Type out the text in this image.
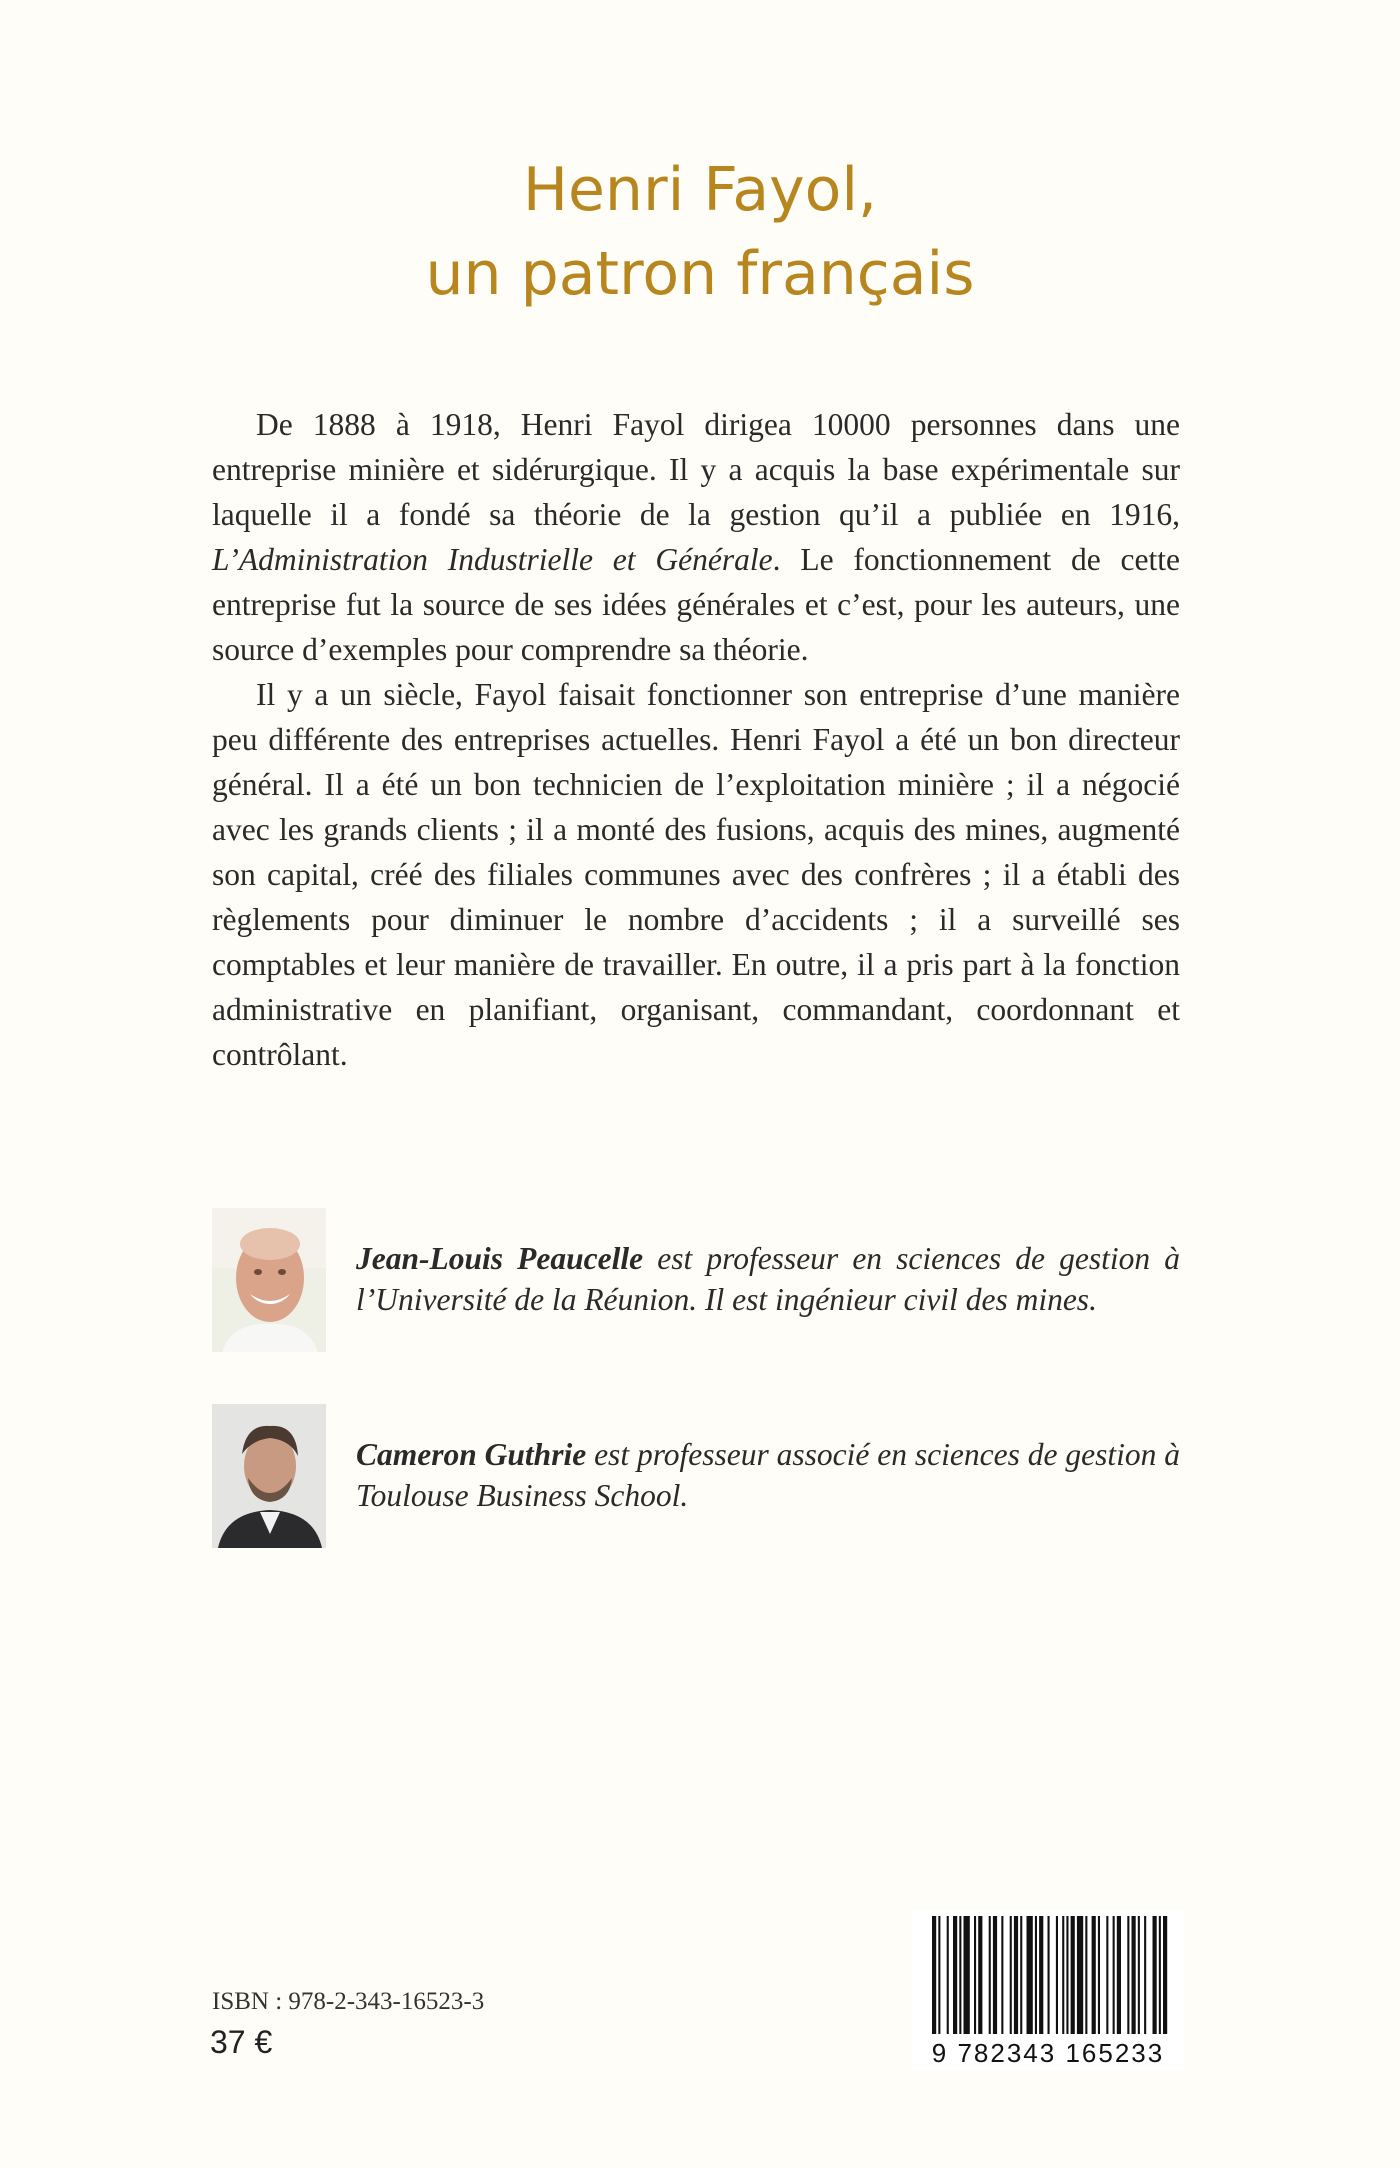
Henri Fayol,
un patron français

De 1888 à 1918, Henri Fayol dirigea 10000 personnes dans une entreprise minière et sidérurgique. Il y a acquis la base expérimentale sur laquelle il a fondé sa théorie de la gestion qu’il a publiée en 1916, L’Administration Industrielle et Générale. Le fonctionnement de cette entreprise fut la source de ses idées générales et c’est, pour les auteurs, une source d’exemples pour comprendre sa théorie.

Il y a un siècle, Fayol faisait fonctionner son entreprise d’une manière peu différente des entreprises actuelles. Henri Fayol a été un bon directeur général. Il a été un bon technicien de l’exploitation minière ; il a négocié avec les grands clients ; il a monté des fusions, acquis des mines, augmenté son capital, créé des filiales communes avec des confrères ; il a établi des règlements pour diminuer le nombre d’accidents ; il a surveillé ses comptables et leur manière de travailler. En outre, il a pris part à la fonction administrative en planifiant, organisant, commandant, coordonnant et contrôlant.

Jean-Louis Peaucelle est professeur en sciences de gestion à l’Université de la Réunion. Il est ingénieur civil des mines.
Cameron Guthrie est professeur associé en sciences de gestion à Toulouse Business School.
ISBN : 978-2-343-16523-3
37 €	9 782343 165233
